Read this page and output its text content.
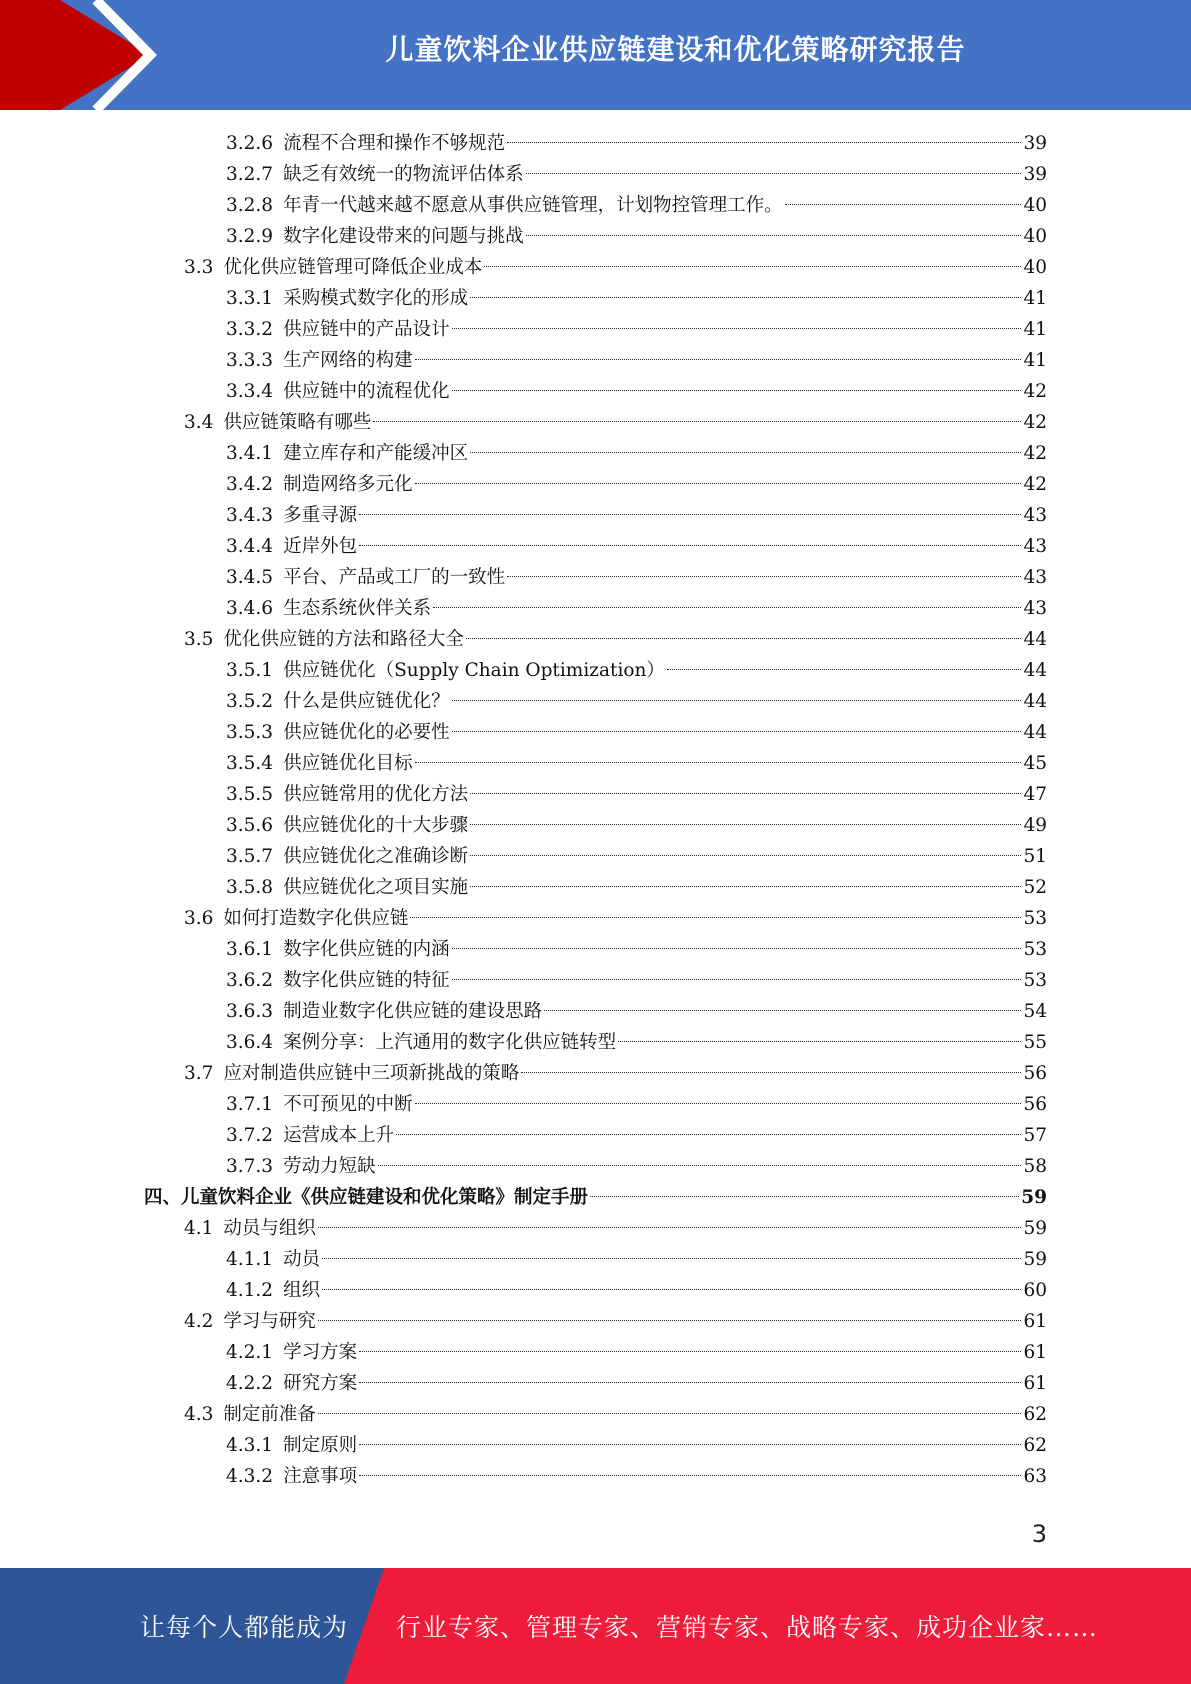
儿童饮料企业供应链建设和优化策略研究报告
3.2.6 流程不合理和操作不够规范	39
3.2.7 缺乏有效统一的物流评估体系	39
3.2.8 年青一代越来越不愿意从事供应链管理，计划物控管理工作。	40
3.2.9 数字化建设带来的问题与挑战	40
3.3 优化供应链管理可降低企业成本	40
3.3.1 采购模式数字化的形成	41
3.3.2 供应链中的产品设计	41
3.3.3 生产网络的构建	41
3.3.4 供应链中的流程优化	42
3.4 供应链策略有哪些	42
3.4.1 建立库存和产能缓冲区	42
3.4.2 制造网络多元化	42
3.4.3 多重寻源	43
3.4.4 近岸外包	43
3.4.5 平台、产品或工厂的一致性	43
3.4.6 生态系统伙伴关系	43
3.5 优化供应链的方法和路径大全	44
3.5.1 供应链优化（Supply Chain Optimization）	44
3.5.2 什么是供应链优化？	44
3.5.3 供应链优化的必要性	44
3.5.4 供应链优化目标	45
3.5.5 供应链常用的优化方法	47
3.5.6 供应链优化的十大步骤	49
3.5.7 供应链优化之准确诊断	51
3.5.8 供应链优化之项目实施	52
3.6 如何打造数字化供应链	53
3.6.1 数字化供应链的内涵	53
3.6.2 数字化供应链的特征	53
3.6.3 制造业数字化供应链的建设思路	54
3.6.4 案例分享：上汽通用的数字化供应链转型	55
3.7 应对制造供应链中三项新挑战的策略	56
3.7.1 不可预见的中断	56
3.7.2 运营成本上升	57
3.7.3 劳动力短缺	58
四、 儿童饮料企业《供应链建设和优化策略》制定手册	59
4.1 动员与组织	59
4.1.1 动员	59
4.1.2 组织	60
4.2 学习与研究	61
4.2.1 学习方案	61
4.2.2 研究方案	61
4.3 制定前准备	62
4.3.1 制定原则	62
4.3.2 注意事项	63
3
让每个人都能成为 行业专家、管理专家、营销专家、战略专家、成功企业家……
